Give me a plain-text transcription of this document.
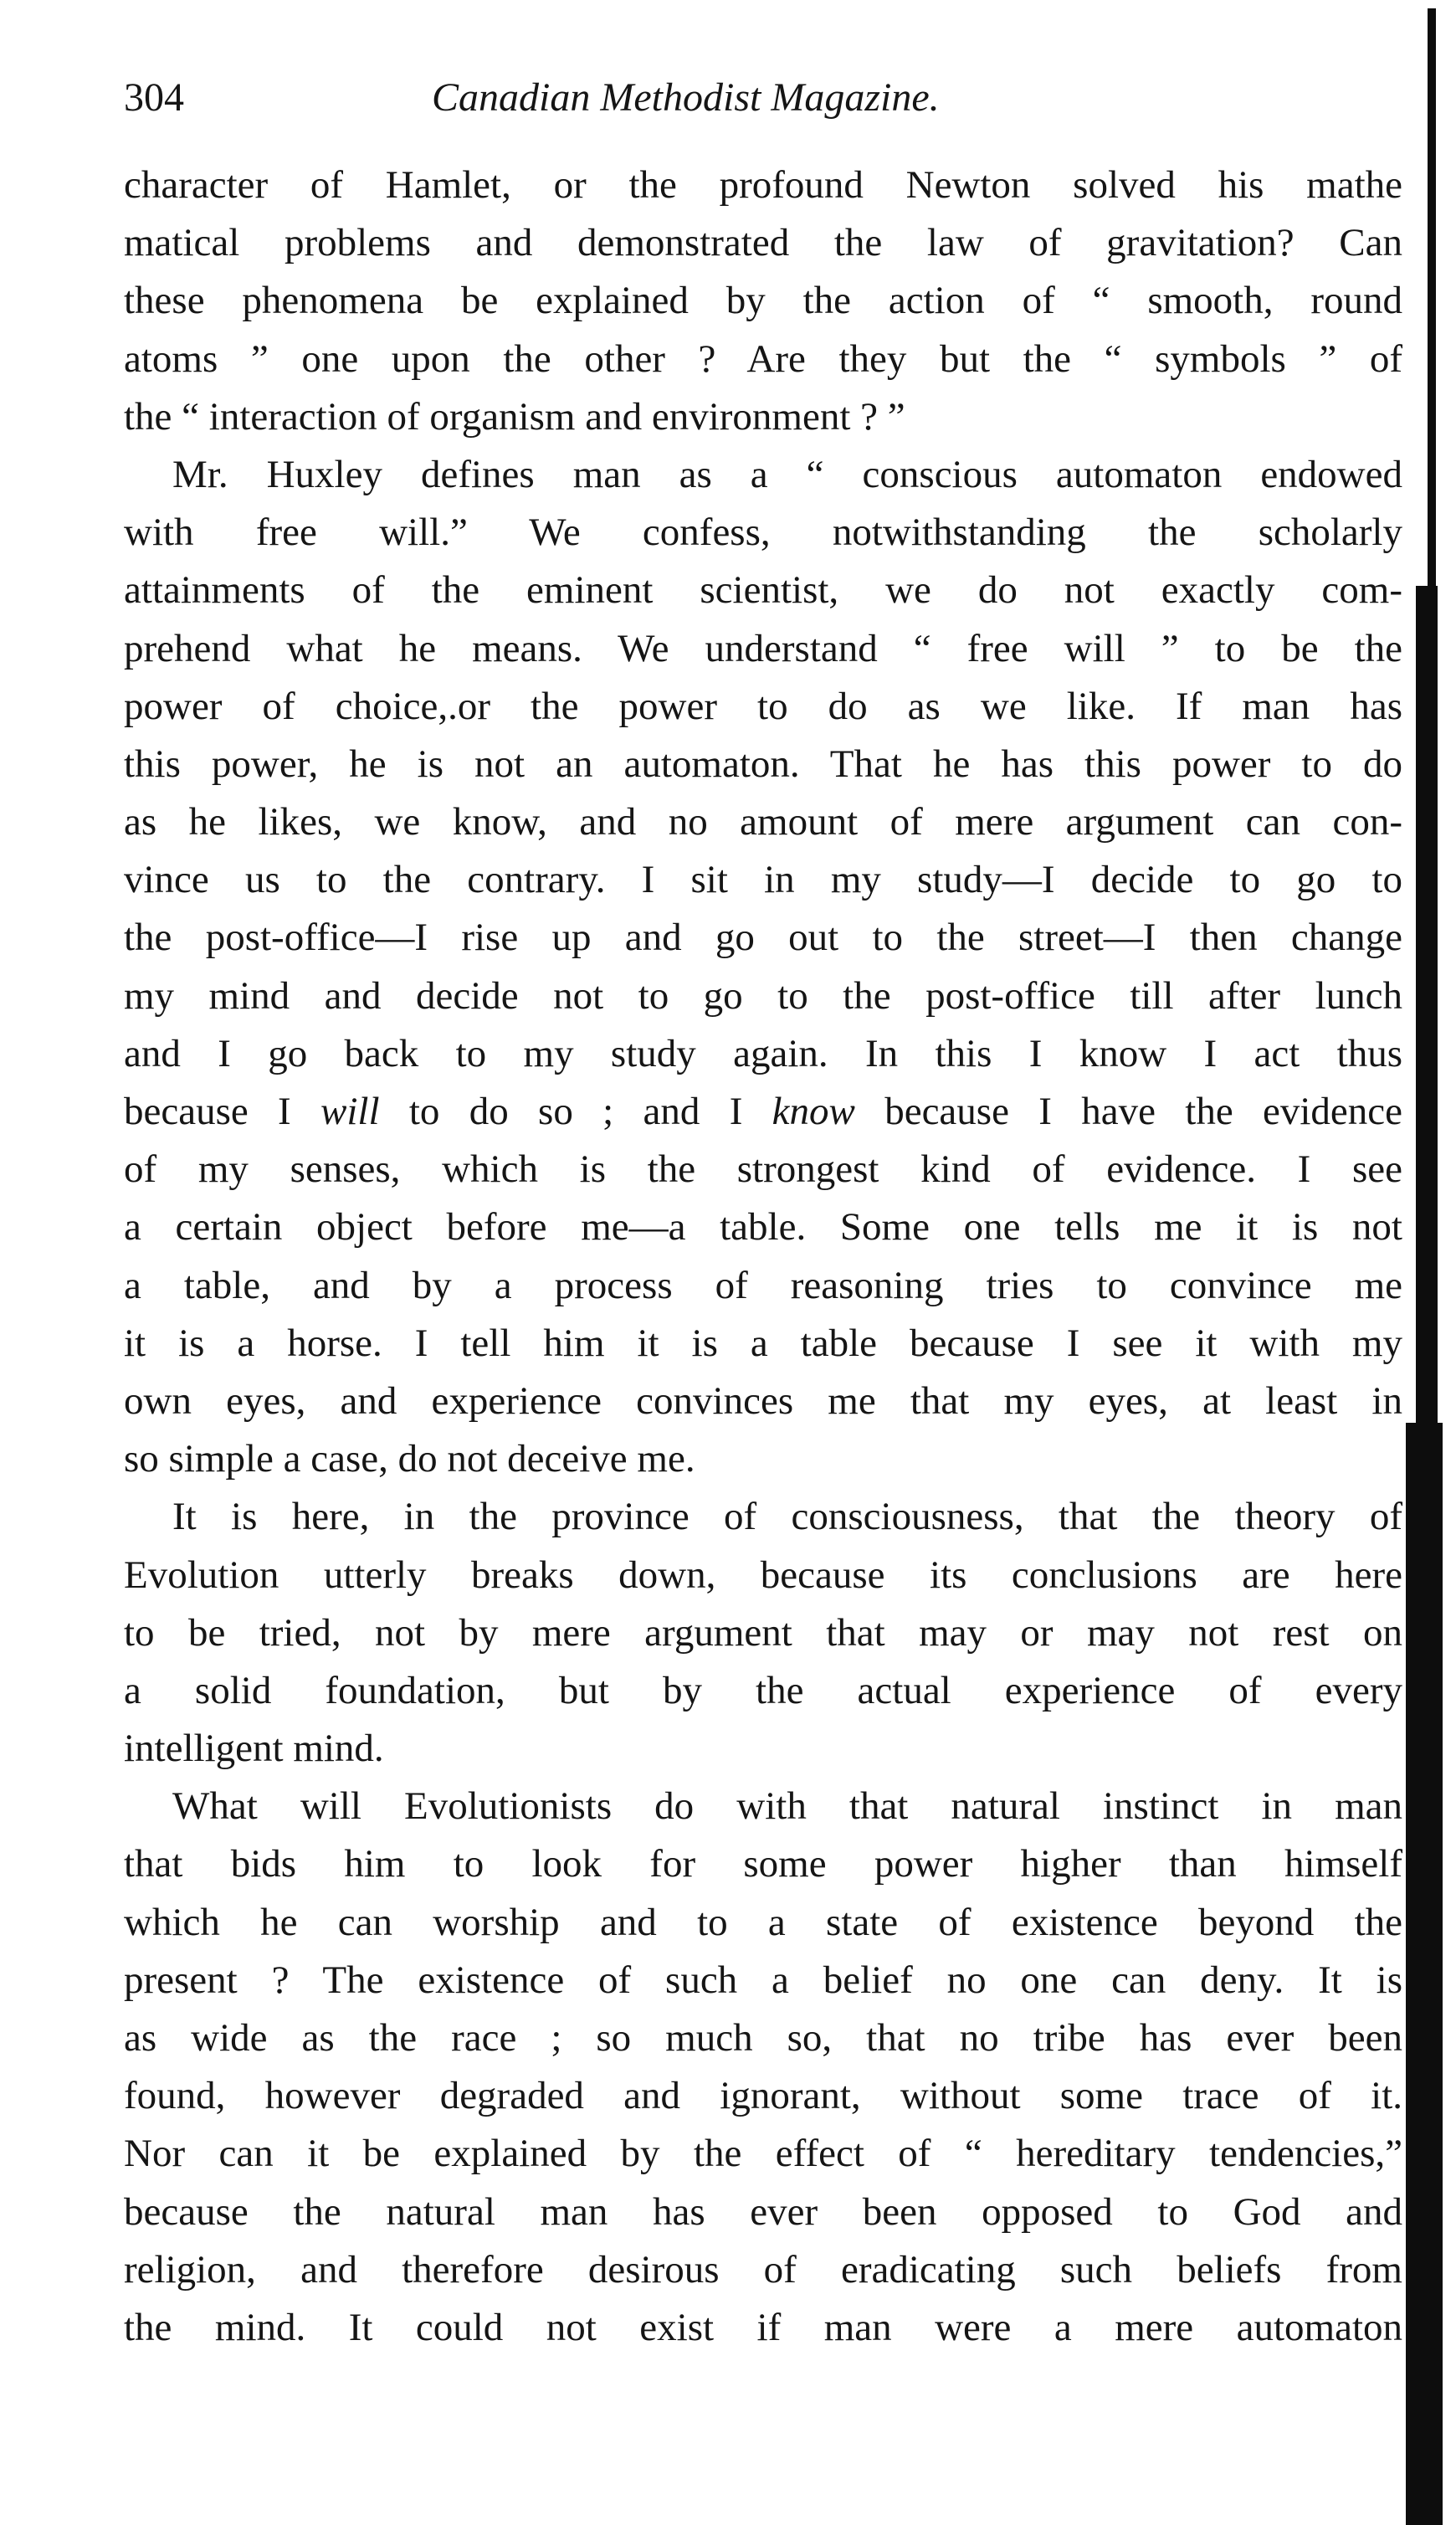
304	Canadian Methodist Magazine.
character of Hamlet, or the profound Newton solved his mathe
matical problems and demonstrated the law of gravitation? Can
these phenomena be explained by the action of “ smooth, round
atoms ” one upon the other ? Are they but the “ symbols ” of
the “ interaction of organism and environment ? ”
Mr. Huxley defines man as a “ conscious automaton endowed
with free will.” We confess, notwithstanding the scholarly
attainments of the eminent scientist, we do not exactly com-
prehend what he means. We understand “ free will ” to be the
power of choice,.or the power to do as we like. If man has
this power, he is not an automaton. That he has this power to do
as he likes, we know, and no amount of mere argument can con-
vince us to the contrary. I sit in my study—I decide to go to
the post-office—I rise up and go out to the street—I then change
my mind and decide not to go to the post-office till after lunch
and I go back to my study again. In this I know I act thus
because I will to do so ; and I know because I have the evidence
of my senses, which is the strongest kind of evidence. I see
a certain object before me—a table. Some one tells me it is not
a table, and by a process of reasoning tries to convince me
it is a horse. I tell him it is a table because I see it with my
own eyes, and experience convinces me that my eyes, at least in
so simple a case, do not deceive me.
It is here, in the province of consciousness, that the theory of
Evolution utterly breaks down, because its conclusions are here
to be tried, not by mere argument that may or may not rest on
a solid foundation, but by the actual experience of every
intelligent mind.
What will Evolutionists do with that natural instinct in man
that bids him to look for some power higher than himself
which he can worship and to a state of existence beyond the
present ? The existence of such a belief no one can deny. It is
as wide as the race ; so much so, that no tribe has ever been
found, however degraded and ignorant, without some trace of it.
Nor can it be explained by the effect of “ hereditary tendencies,”
because the natural man has ever been opposed to God and
religion, and therefore desirous of eradicating such beliefs from
the mind. It could not exist if man were a mere automaton
